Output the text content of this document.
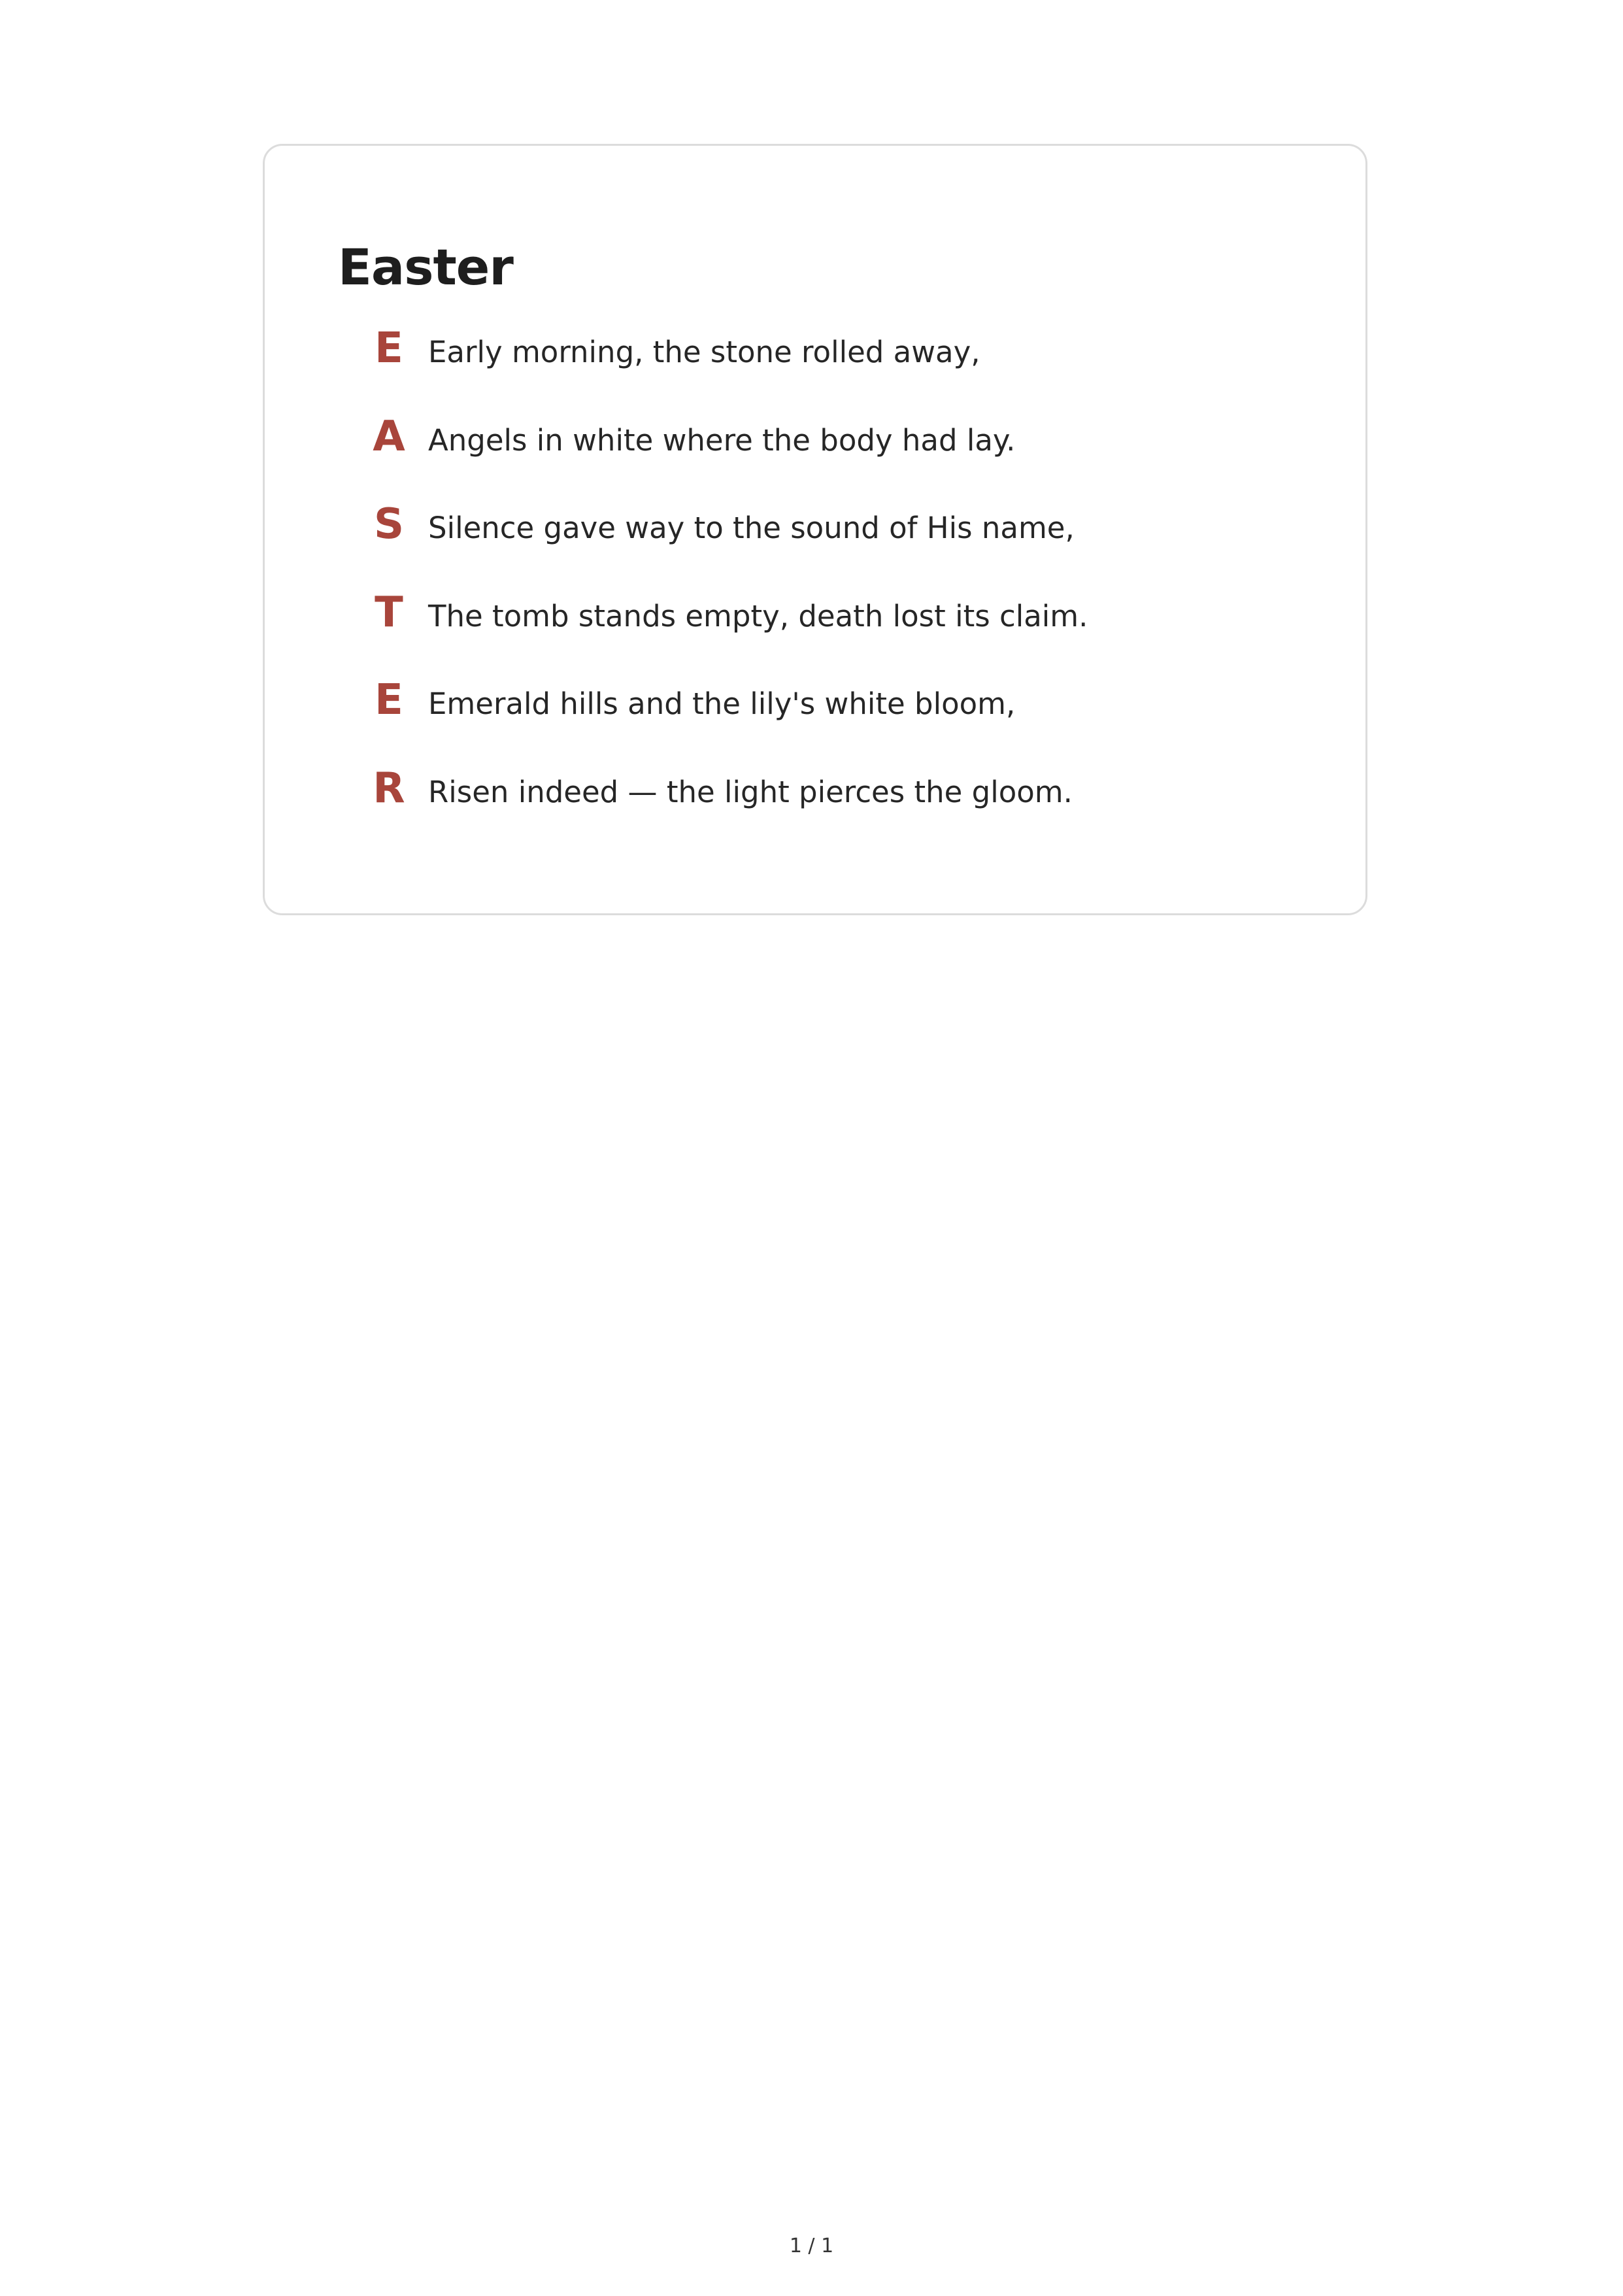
Easter
E Early morning, the stone rolled away,
A Angels in white where the body had lay.
S Silence gave way to the sound of His name,
T The tomb stands empty, death lost its claim.
E Emerald hills and the lily's white bloom,
R Risen indeed — the light pierces the gloom.
1 / 1
